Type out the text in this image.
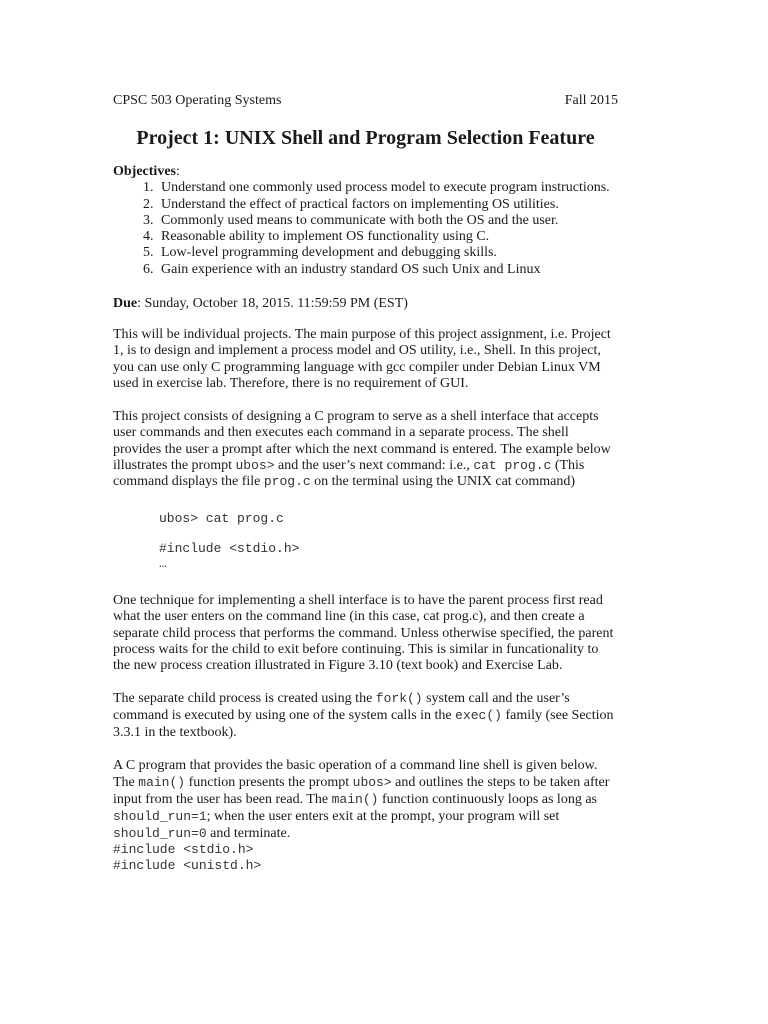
CPSC 503 Operating Systems	Fall 2015
Project 1: UNIX Shell and Program Selection Feature
Objectives:
1. Understand one commonly used process model to execute program instructions.
2. Understand the effect of practical factors on implementing OS utilities.
3. Commonly used means to communicate with both the OS and the user.
4. Reasonable ability to implement OS functionality using C.
5. Low-level programming development and debugging skills.
6. Gain experience with an industry standard OS such Unix and Linux

Due: Sunday, October 18, 2015. 11:59:59 PM (EST)

This will be individual projects. The main purpose of this project assignment, i.e. Project 1, is to design and implement a process model and OS utility, i.e., Shell. In this project, you can use only C programming language with gcc compiler under Debian Linux VM used in exercise lab. Therefore, there is no requirement of GUI.

This project consists of designing a C program to serve as a shell interface that accepts user commands and then executes each command in a separate process. The shell provides the user a prompt after which the next command is entered. The example below illustrates the prompt ubos> and the user’s next command: i.e., cat prog.c (This command displays the file prog.c on the terminal using the UNIX cat command)

ubos> cat prog.c
#include <stdio.h>
…

One technique for implementing a shell interface is to have the parent process first read what the user enters on the command line (in this case, cat prog.c), and then create a separate child process that performs the command. Unless otherwise specified, the parent process waits for the child to exit before continuing. This is similar in funcationality to the new process creation illustrated in Figure 3.10 (text book) and Exercise Lab.

The separate child process is created using the fork() system call and the user’s command is executed by using one of the system calls in the exec() family (see Section 3.3.1 in the textbook).

A C program that provides the basic operation of a command line shell is given below. The main() function presents the prompt ubos> and outlines the steps to be taken after input from the user has been read. The main() function continuously loops as long as should_run=1; when the user enters exit at the prompt, your program will set should_run=0 and terminate.

#include <stdio.h>
#include <unistd.h>
